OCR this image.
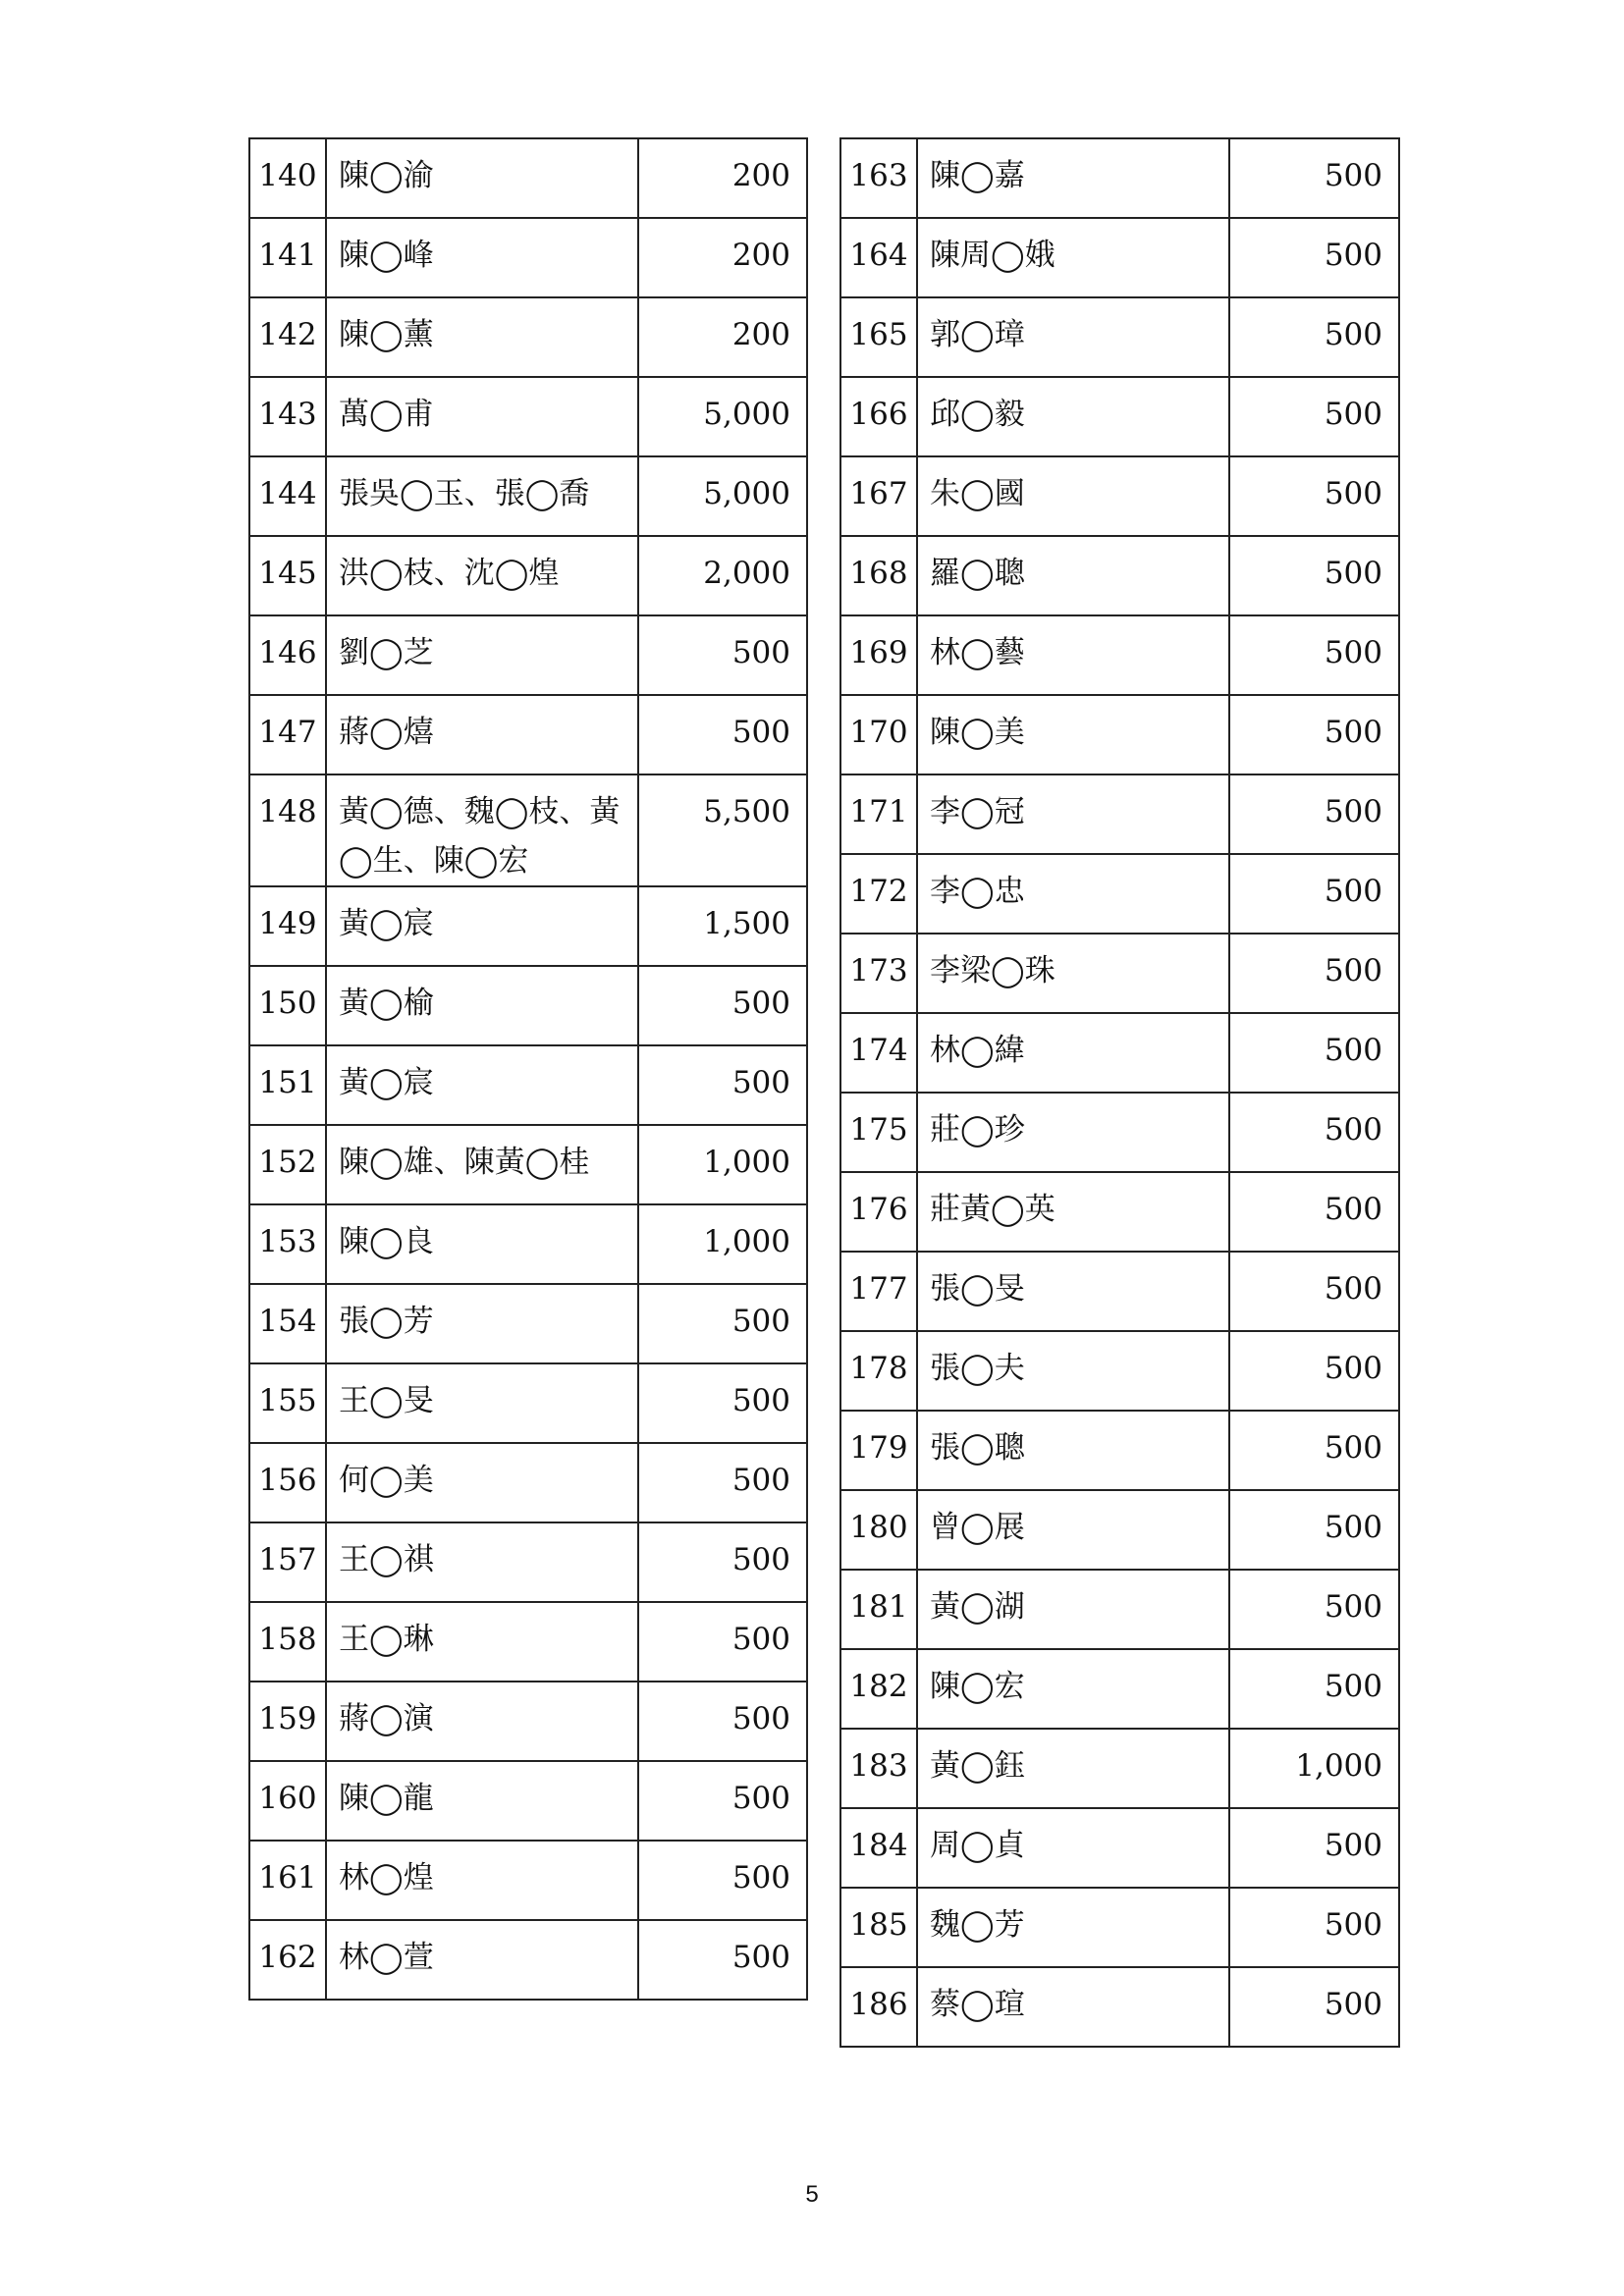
140	陳◯渝	200
141	陳◯峰	200
142	陳◯薰	200
143	萬◯甫	5,000
144	張吳◯玉、張◯喬	5,000
145	洪◯枝、沈◯煌	2,000
146	劉◯芝	500
147	蔣◯熺	500
148	黃◯德、魏◯枝、黃◯生、陳◯宏	5,500
149	黃◯宸	1,500
150	黃◯榆	500
151	黃◯宸	500
152	陳◯雄、陳黃◯桂	1,000
153	陳◯良	1,000
154	張◯芳	500
155	王◯旻	500
156	何◯美	500
157	王◯祺	500
158	王◯琳	500
159	蔣◯演	500
160	陳◯龍	500
161	林◯煌	500
162	林◯萱	500
163	陳◯嘉	500
164	陳周◯娥	500
165	郭◯璋	500
166	邱◯毅	500
167	朱◯國	500
168	羅◯聰	500
169	林◯藝	500
170	陳◯美	500
171	李◯冠	500
172	李◯忠	500
173	李梁◯珠	500
174	林◯緯	500
175	莊◯珍	500
176	莊黃◯英	500
177	張◯旻	500
178	張◯夫	500
179	張◯聰	500
180	曾◯展	500
181	黃◯湖	500
182	陳◯宏	500
183	黃◯鈺	1,000
184	周◯貞	500
185	魏◯芳	500
186	蔡◯瑄	500
5
